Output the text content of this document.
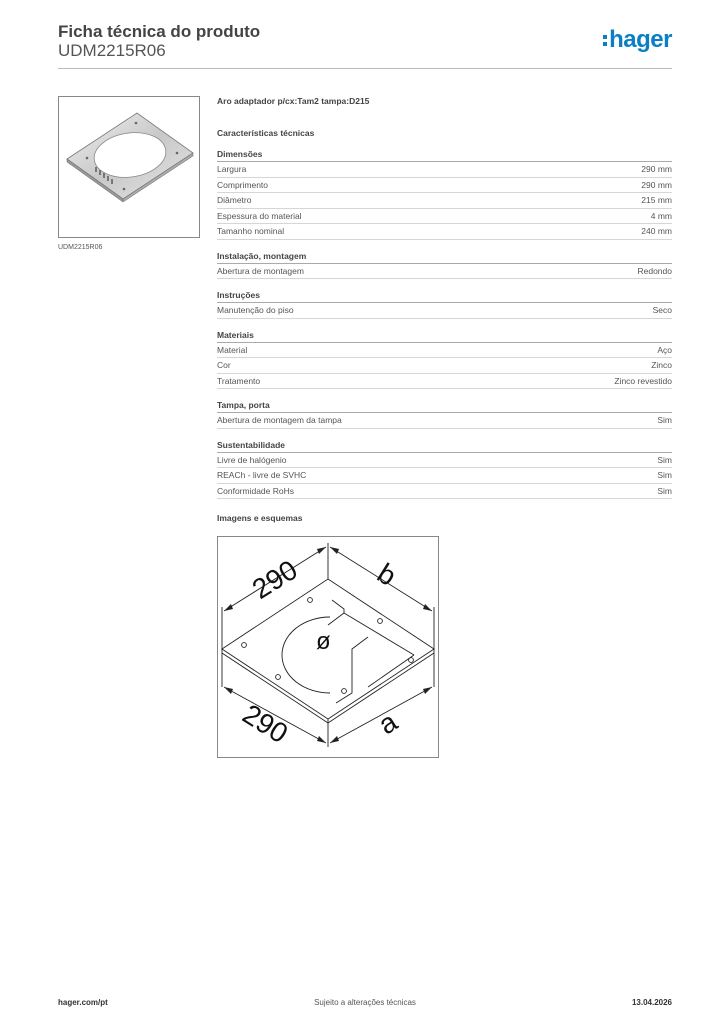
Ficha técnica do produto
UDM2215R06	hager
UDM2215R06
Aro adaptador p/cx:Tam2 tampa:D215
Características técnicas
Dimensões
Largura	290 mm
Comprimento	290 mm
Diâmetro	215 mm
Espessura do material	4 mm
Tamanho nominal	240 mm
Instalação, montagem
Abertura de montagem	Redondo
Instruções
Manutenção do piso	Seco
Materiais
Material	Aço
Cor	Zinco
Tratamento	Zinco revestido
Tampa, porta
Abertura de montagem da tampa	Sim
Sustentabilidade
Livre de halógenio	Sim
REACh - livre de SVHC	Sim
Conformidade RoHs	Sim
Imagens e esquemas
290 b
ø
290	a
hager.com/pt	Sujeito a alterações técnicas	13.04.2026
